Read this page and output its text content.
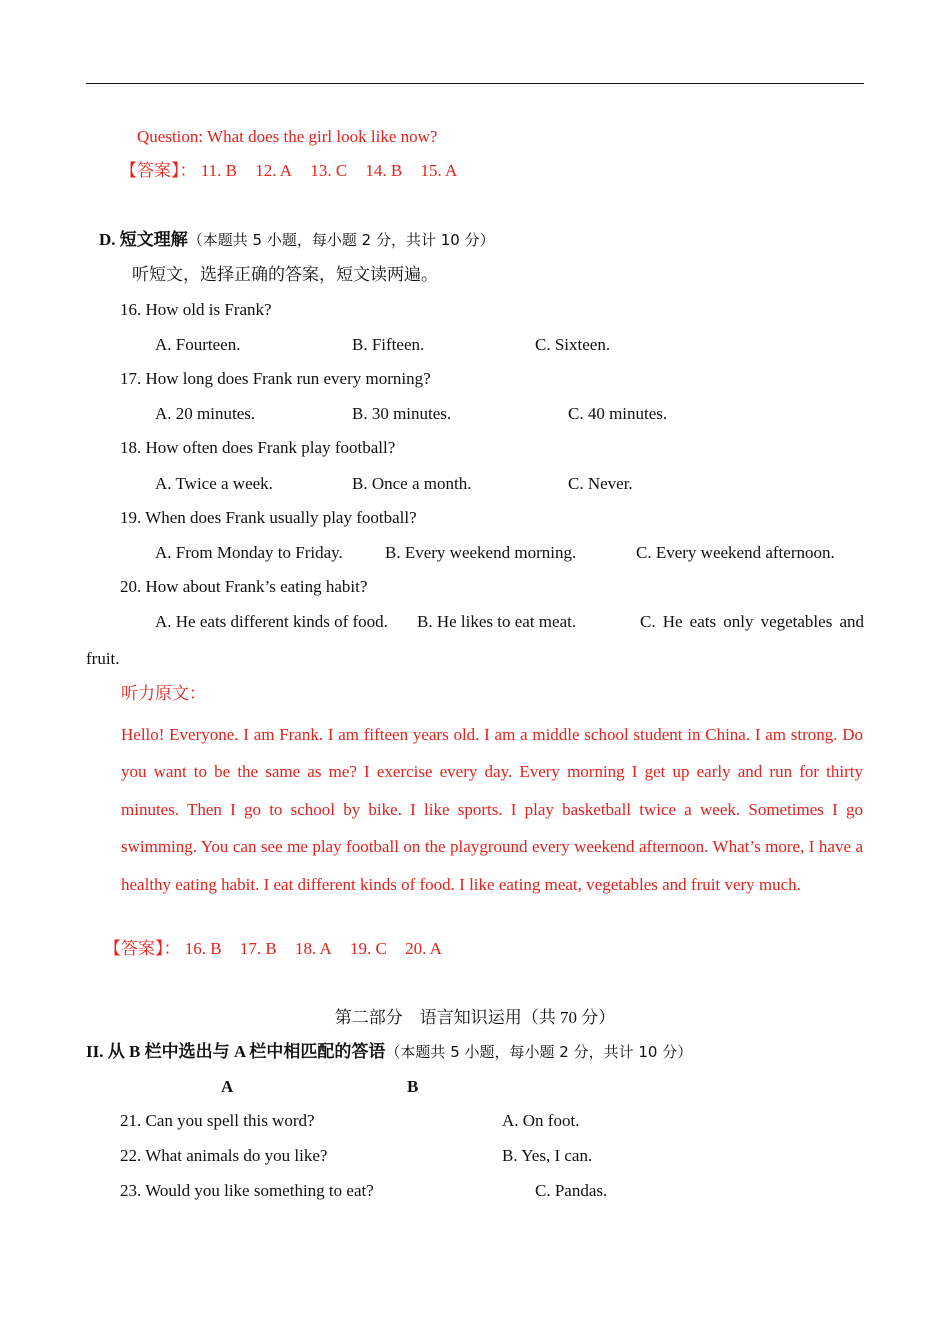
Question: What does the girl look like now?
【答案】： 11. B 12. A 13. C 14. B 15. A
D. 短文理解（本题共 5 小题，每小题 2 分，共计 10 分）
听短文，选择正确的答案，短文读两遍。
16. How old is Frank?
A. Fourteen.	B. Fifteen.	C. Sixteen.
17. How long does Frank run every morning?
A. 20 minutes.	B. 30 minutes.	C. 40 minutes.
18. How often does Frank play football?
A. Twice a week.	B. Once a month.	C. Never.
19. When does Frank usually play football?
A. From Monday to Friday. B. Every weekend morning.	C. Every weekend afternoon.
20. How about Frank’s eating habit?
A. He eats different kinds of food. B. He likes to eat meat.	C. He eats only vegetables and
fruit.
听力原文：
Hello! Everyone. I am Frank. I am fifteen years old. I am a middle school student in China. I am strong. Do you want to be the same as me? I exercise every day. Every morning I get up early and run for thirty minutes. Then I go to school by bike. I like sports. I play basketball twice a week. Sometimes I go swimming. You can see me play football on the playground every weekend afternoon. What’s more, I have a healthy eating habit. I eat different kinds of food. I like eating meat, vegetables and fruit very much.
【答案】： 16. B 17. B 18. A 19. C 20. A
第二部分　语言知识运用（共 70 分）
II. 从 B 栏中选出与 A 栏中相匹配的答语（本题共 5 小题，每小题 2 分，共计 10 分）
A	B
21. Can you spell this word?	A. On foot.
22. What animals do you like?	B. Yes, I can.
23. Would you like something to eat?	C. Pandas.
